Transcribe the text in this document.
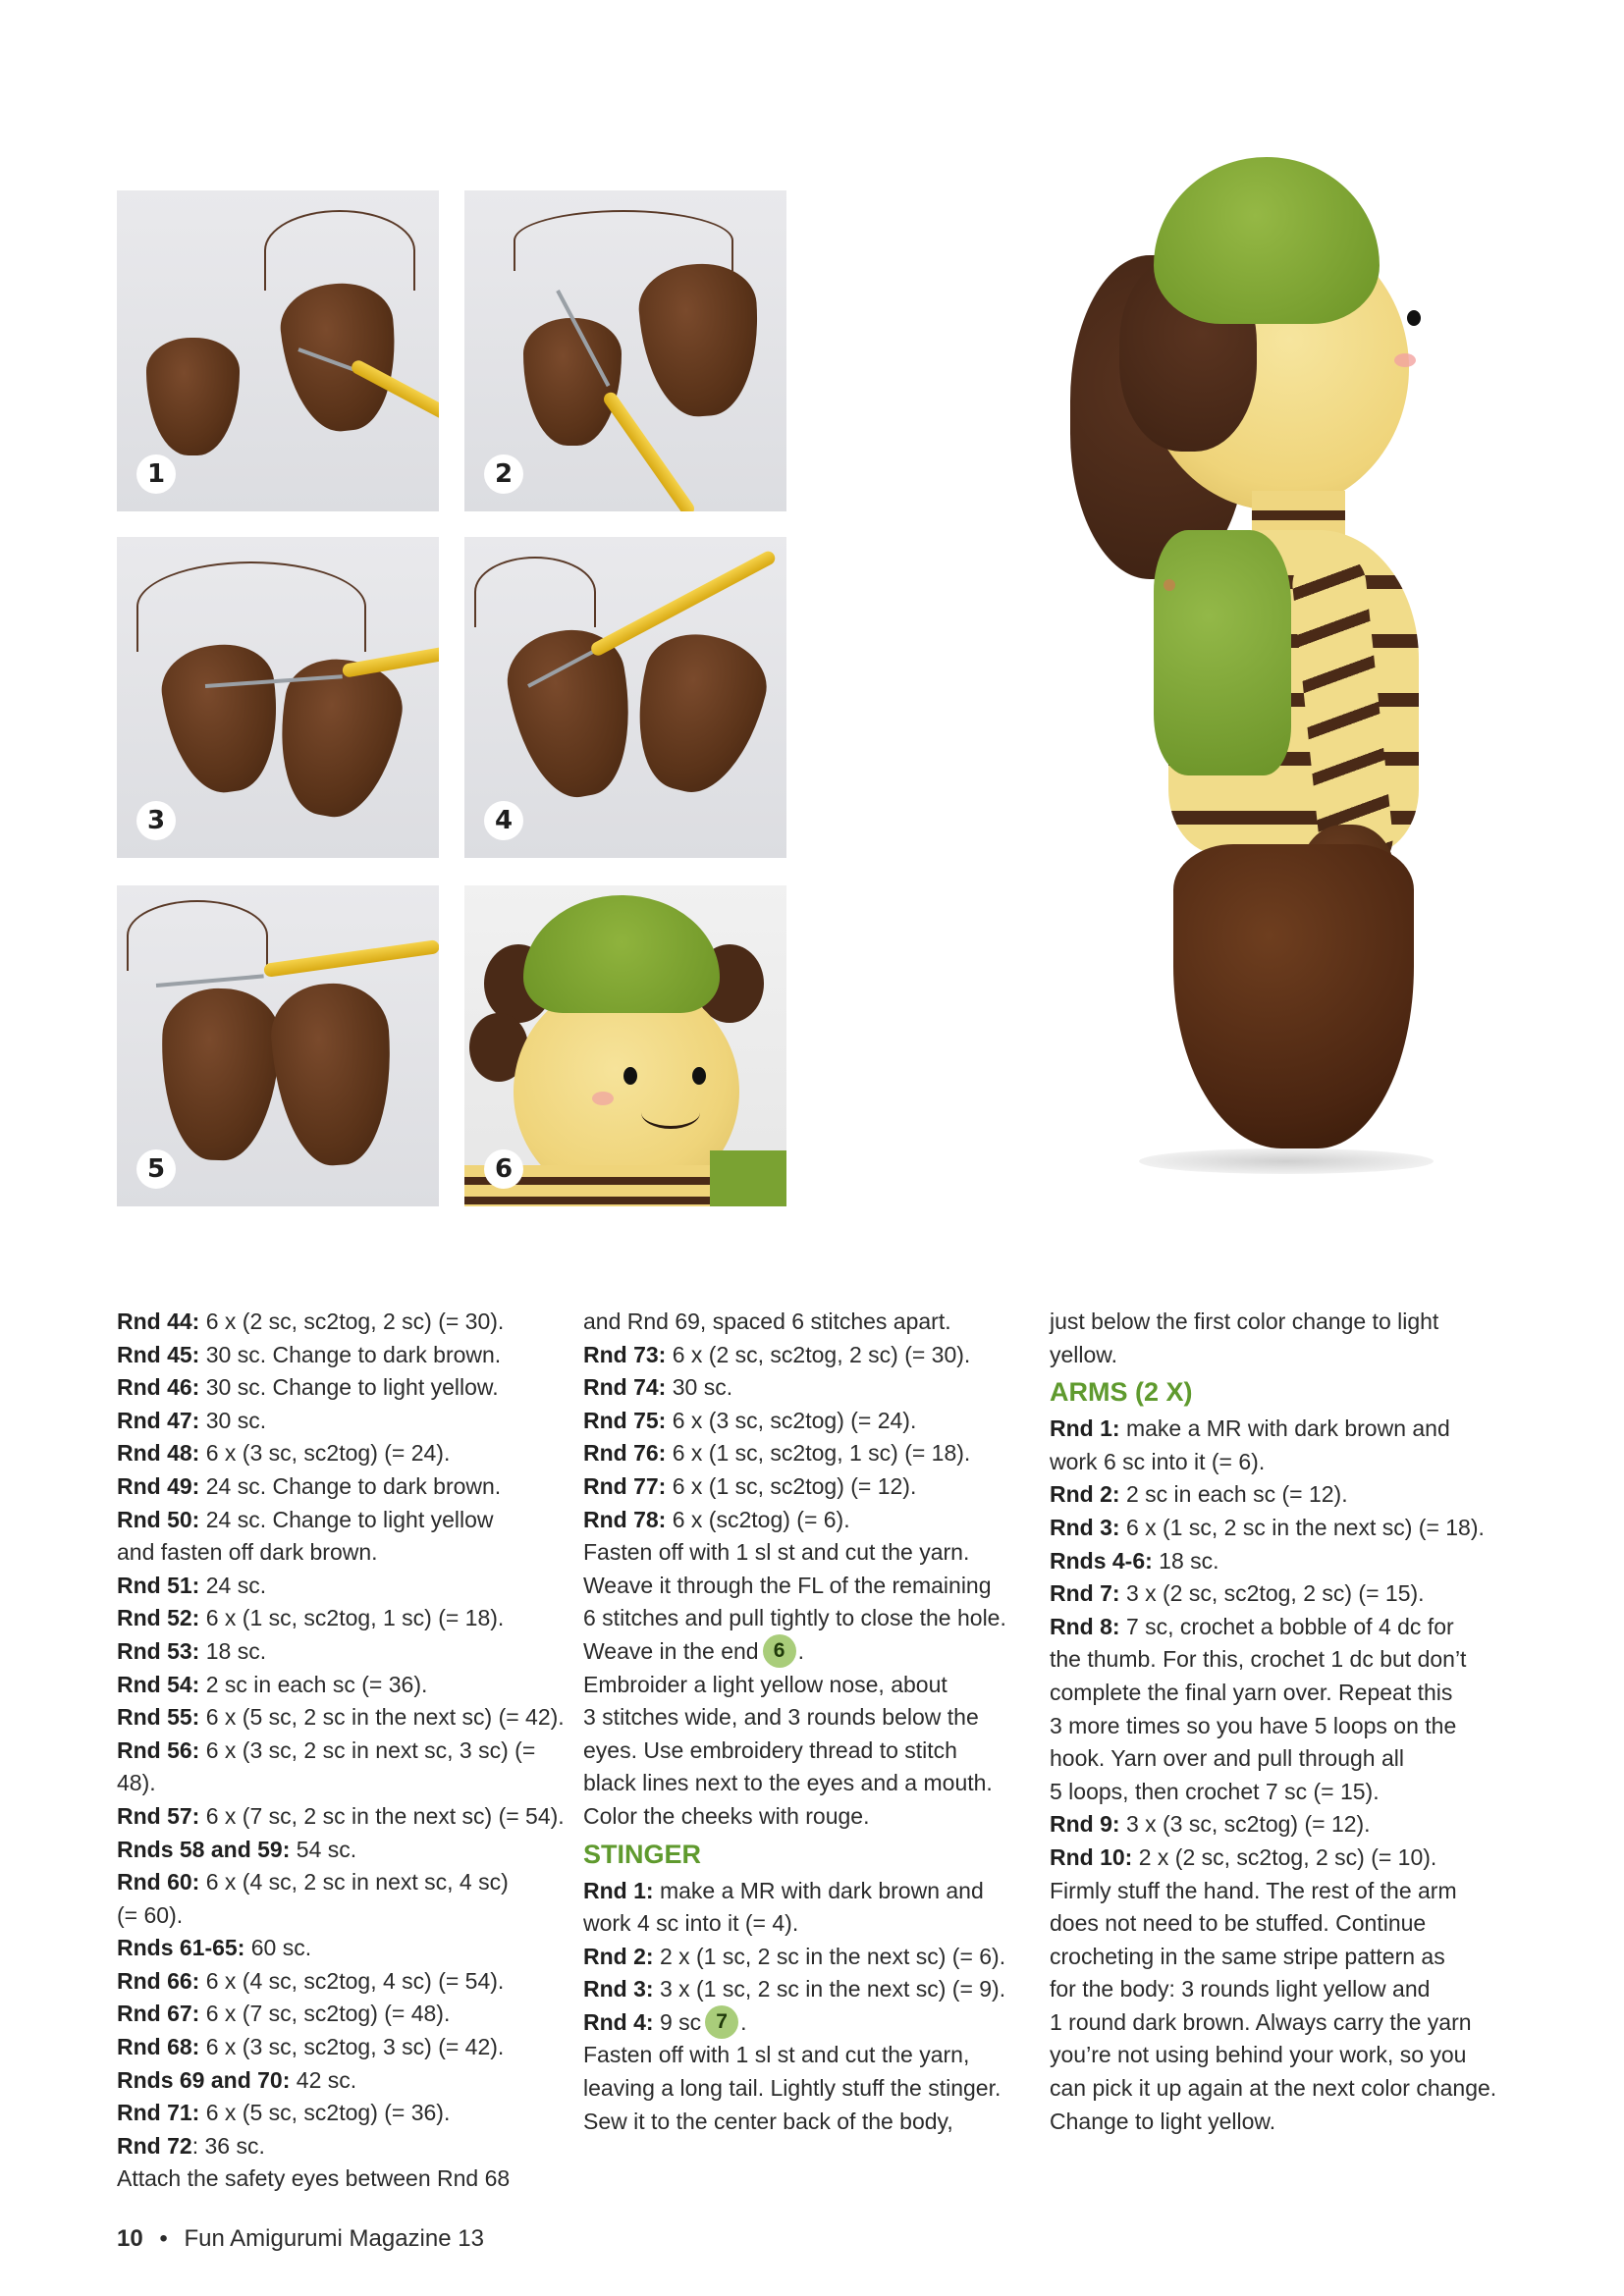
1	2
3	4
5	6

Rnd 44: 6 x (2 sc, sc2tog, 2 sc) (= 30).

Rnd 45: 30 sc. Change to dark brown.

Rnd 46: 30 sc. Change to light yellow.

Rnd 47: 30 sc.

Rnd 48: 6 x (3 sc, sc2tog) (= 24).

Rnd 49: 24 sc. Change to dark brown.

Rnd 50: 24 sc. Change to light yellow

and fasten off dark brown.

Rnd 51: 24 sc.

Rnd 52: 6 x (1 sc, sc2tog, 1 sc) (= 18).

Rnd 53: 18 sc.

Rnd 54: 2 sc in each sc (= 36).

Rnd 55: 6 x (5 sc, 2 sc in the next sc) (= 42).

Rnd 56: 6 x (3 sc, 2 sc in next sc, 3 sc) (= 48).

Rnd 57: 6 x (7 sc, 2 sc in the next sc) (= 54).

Rnds 58 and 59: 54 sc.

Rnd 60: 6 x (4 sc, 2 sc in next sc, 4 sc)

(= 60).

Rnds 61-65: 60 sc.

Rnd 66: 6 x (4 sc, sc2tog, 4 sc) (= 54).

Rnd 67: 6 x (7 sc, sc2tog) (= 48).

Rnd 68: 6 x (3 sc, sc2tog, 3 sc) (= 42).

Rnds 69 and 70: 42 sc.

Rnd 71: 6 x (5 sc, sc2tog) (= 36).

Rnd 72: 36 sc.

Attach the safety eyes between Rnd 68

and Rnd 69, spaced 6 stitches apart.

Rnd 73: 6 x (2 sc, sc2tog, 2 sc) (= 30).

Rnd 74: 30 sc.

Rnd 75: 6 x (3 sc, sc2tog) (= 24).

Rnd 76: 6 x (1 sc, sc2tog, 1 sc) (= 18).

Rnd 77: 6 x (1 sc, sc2tog) (= 12).

Rnd 78: 6 x (sc2tog) (= 6).

Fasten off with 1 sl st and cut the yarn.

Weave it through the FL of the remaining

6 stitches and pull tightly to close the hole.

Weave in the end 6 .

Embroider a light yellow nose, about

3 stitches wide, and 3 rounds below the

eyes. Use embroidery thread to stitch

black lines next to the eyes and a mouth.

Color the cheeks with rouge.

STINGER

Rnd 1: make a MR with dark brown and

work 4 sc into it (= 4).

Rnd 2: 2 x (1 sc, 2 sc in the next sc) (= 6).

Rnd 3: 3 x (1 sc, 2 sc in the next sc) (= 9).

Rnd 4: 9 sc 7 .

Fasten off with 1 sl st and cut the yarn,

leaving a long tail. Lightly stuff the stinger.

Sew it to the center back of the body,

just below the first color change to light

yellow.

ARMS (2 X)

Rnd 1: make a MR with dark brown and

work 6 sc into it (= 6).

Rnd 2: 2 sc in each sc (= 12).

Rnd 3: 6 x (1 sc, 2 sc in the next sc) (= 18).

Rnds 4-6: 18 sc.

Rnd 7: 3 x (2 sc, sc2tog, 2 sc) (= 15).

Rnd 8: 7 sc, crochet a bobble of 4 dc for

the thumb. For this, crochet 1 dc but don’t

complete the final yarn over. Repeat this

3 more times so you have 5 loops on the

hook. Yarn over and pull through all

5 loops, then crochet 7 sc (= 15).

Rnd 9: 3 x (3 sc, sc2tog) (= 12).

Rnd 10: 2 x (2 sc, sc2tog, 2 sc) (= 10).

Firmly stuff the hand. The rest of the arm

does not need to be stuffed. Continue

crocheting in the same stripe pattern as

for the body: 3 rounds light yellow and

1 round dark brown. Always carry the yarn

you’re not using behind your work, so you

can pick it up again at the next color change.

Change to light yellow.

10 • Fun Amigurumi Magazine 13
